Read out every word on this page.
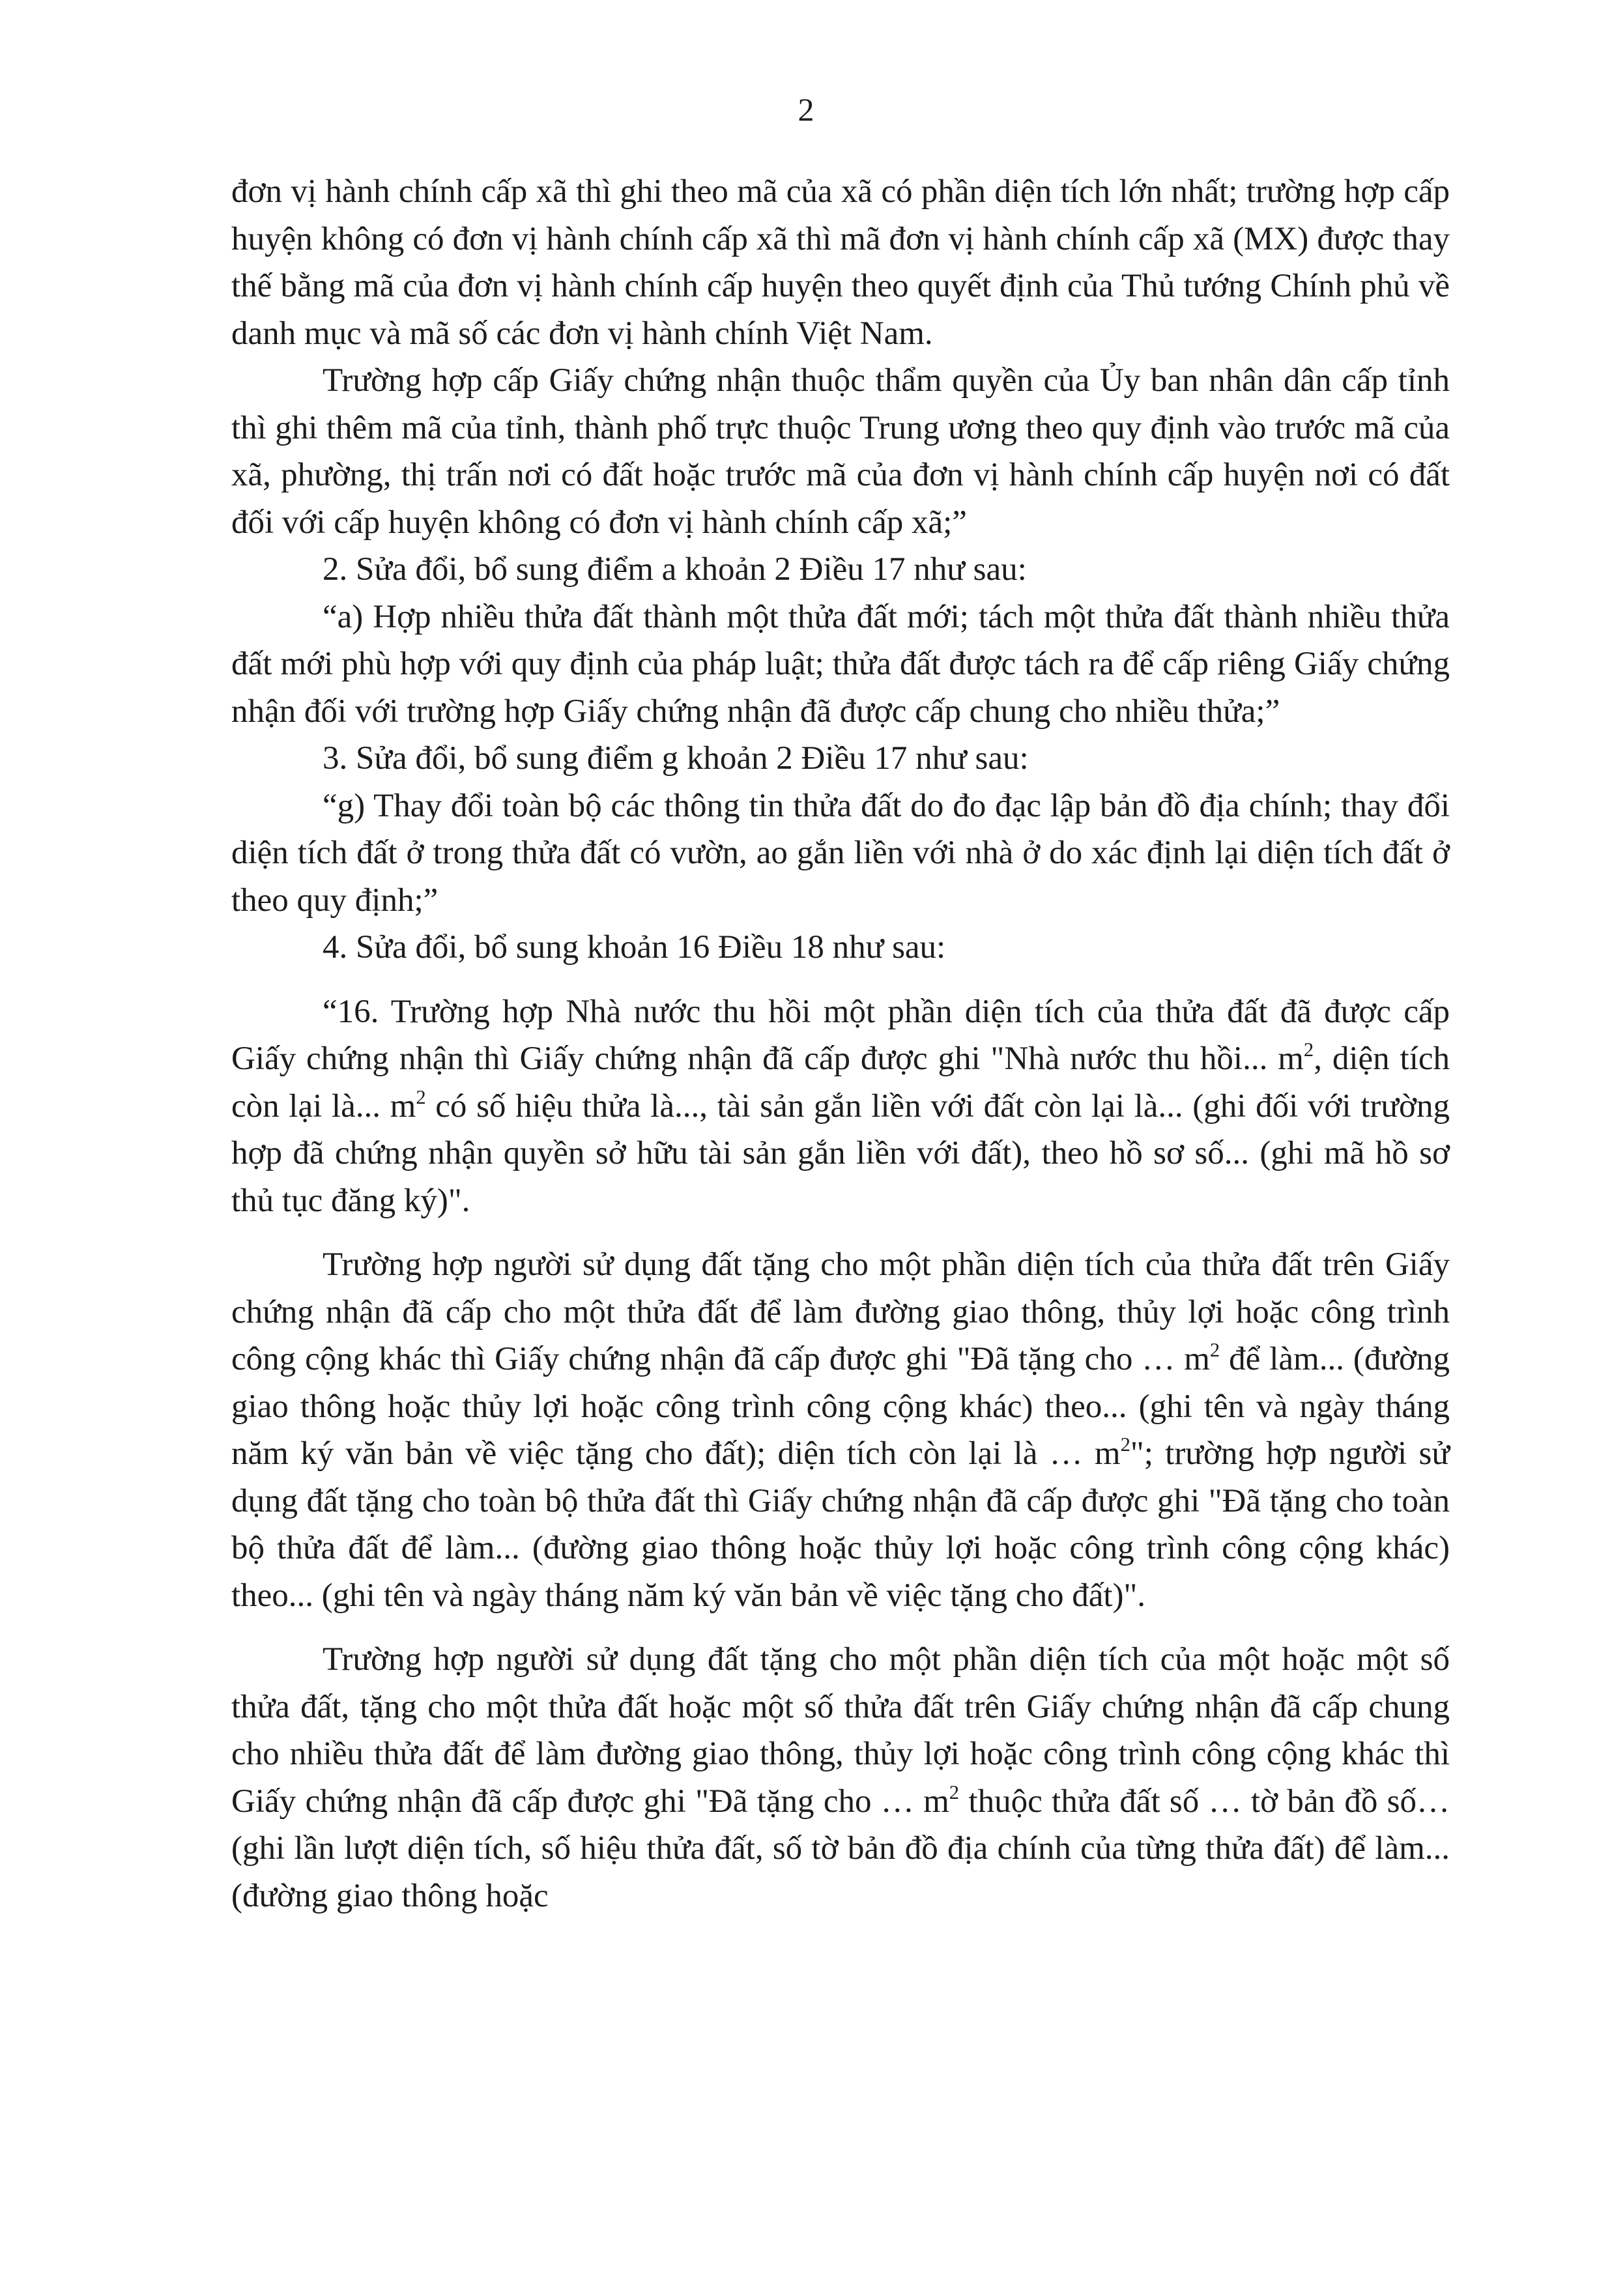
2

đơn vị hành chính cấp xã thì ghi theo mã của xã có phần diện tích lớn nhất; trường hợp cấp huyện không có đơn vị hành chính cấp xã thì mã đơn vị hành chính cấp xã (MX) được thay thế bằng mã của đơn vị hành chính cấp huyện theo quyết định của Thủ tướng Chính phủ về danh mục và mã số các đơn vị hành chính Việt Nam.

Trường hợp cấp Giấy chứng nhận thuộc thẩm quyền của Ủy ban nhân dân cấp tỉnh thì ghi thêm mã của tỉnh, thành phố trực thuộc Trung ương theo quy định vào trước mã của xã, phường, thị trấn nơi có đất hoặc trước mã của đơn vị hành chính cấp huyện nơi có đất đối với cấp huyện không có đơn vị hành chính cấp xã;”

2. Sửa đổi, bổ sung điểm a khoản 2 Điều 17 như sau:

“a) Hợp nhiều thửa đất thành một thửa đất mới; tách một thửa đất thành nhiều thửa đất mới phù hợp với quy định của pháp luật; thửa đất được tách ra để cấp riêng Giấy chứng nhận đối với trường hợp Giấy chứng nhận đã được cấp chung cho nhiều thửa;”

3. Sửa đổi, bổ sung điểm g khoản 2 Điều 17 như sau:

“g) Thay đổi toàn bộ các thông tin thửa đất do đo đạc lập bản đồ địa chính; thay đổi diện tích đất ở trong thửa đất có vườn, ao gắn liền với nhà ở do xác định lại diện tích đất ở theo quy định;”

4. Sửa đổi, bổ sung khoản 16 Điều 18 như sau:

“16. Trường hợp Nhà nước thu hồi một phần diện tích của thửa đất đã được cấp Giấy chứng nhận thì Giấy chứng nhận đã cấp được ghi "Nhà nước thu hồi... $m^2$, diện tích còn lại là... $m^2$ có số hiệu thửa là..., tài sản gắn liền với đất còn lại là... (ghi đối với trường hợp đã chứng nhận quyền sở hữu tài sản gắn liền với đất), theo hồ sơ số... (ghi mã hồ sơ thủ tục đăng ký)".

Trường hợp người sử dụng đất tặng cho một phần diện tích của thửa đất trên Giấy chứng nhận đã cấp cho một thửa đất để làm đường giao thông, thủy lợi hoặc công trình công cộng khác thì Giấy chứng nhận đã cấp được ghi "Đã tặng cho … $m^2$ để làm... (đường giao thông hoặc thủy lợi hoặc công trình công cộng khác) theo... (ghi tên và ngày tháng năm ký văn bản về việc tặng cho đất); diện tích còn lại là … $m^2$"; trường hợp người sử dụng đất tặng cho toàn bộ thửa đất thì Giấy chứng nhận đã cấp được ghi "Đã tặng cho toàn bộ thửa đất để làm... (đường giao thông hoặc thủy lợi hoặc công trình công cộng khác) theo... (ghi tên và ngày tháng năm ký văn bản về việc tặng cho đất)".

Trường hợp người sử dụng đất tặng cho một phần diện tích của một hoặc một số thửa đất, tặng cho một thửa đất hoặc một số thửa đất trên Giấy chứng nhận đã cấp chung cho nhiều thửa đất để làm đường giao thông, thủy lợi hoặc công trình công cộng khác thì Giấy chứng nhận đã cấp được ghi "Đã tặng cho … $m^2$ thuộc thửa đất số … tờ bản đồ số… (ghi lần lượt diện tích, số hiệu thửa đất, số tờ bản đồ địa chính của từng thửa đất) để làm... (đường giao thông hoặc
